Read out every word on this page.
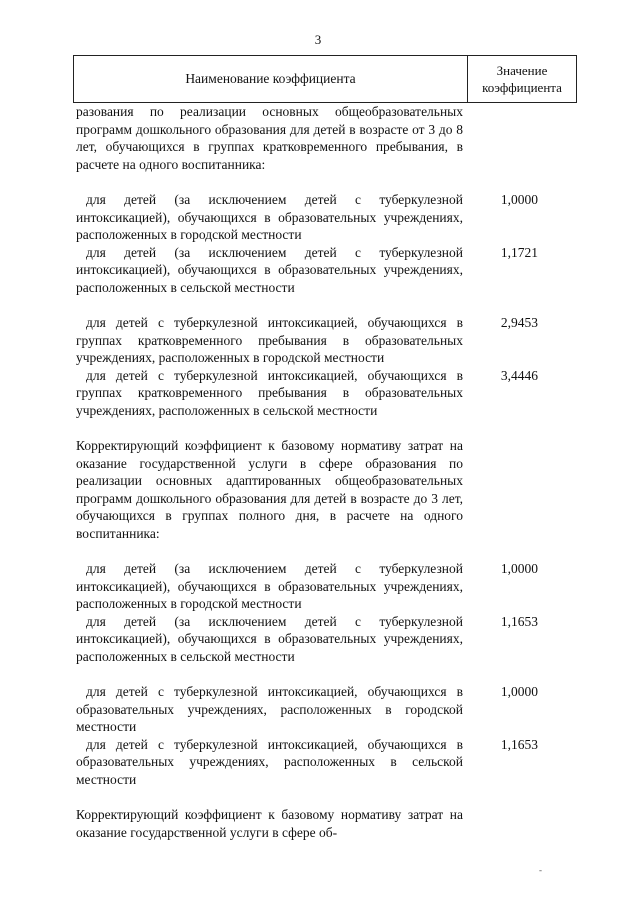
3
Наименование коэффициента
Значение
коэффициента
разования по реализации основных общеобразовательных программ дошкольного образования для детей в возрасте от 3 до 8 лет, обучающихся в группах кратковременного пребывания, в расчете на одного воспитанника:
для детей (за исключением детей с туберкулезной интоксикацией), обучающихся в образовательных учреждениях, расположенных в городской местности
1,0000
для детей (за исключением детей с туберкулезной интоксикацией), обучающихся в образовательных учреждениях, расположенных в сельской местности
1,1721
для детей с туберкулезной интоксикацией, обучающихся в группах кратковременного пребывания в образовательных учреждениях, расположенных в городской местности
2,9453
для детей с туберкулезной интоксикацией, обучающихся в группах кратковременного пребывания в образовательных учреждениях, расположенных в сельской местности
3,4446
Корректирующий коэффициент к базовому нормативу затрат на оказание государственной услуги в сфере образования по реализации основных адаптированных общеобразовательных программ дошкольного образования для детей в возрасте до 3 лет, обучающихся в группах полного дня, в расчете на одного воспитанника:
для детей (за исключением детей с туберкулезной интоксикацией), обучающихся в образовательных учреждениях, расположенных в городской местности
1,0000
для детей (за исключением детей с туберкулезной интоксикацией), обучающихся в образовательных учреждениях, расположенных в сельской местности
1,1653
для детей с туберкулезной интоксикацией, обучающихся в образовательных учреждениях, расположенных в городской местности
1,0000
для детей с туберкулезной интоксикацией, обучающихся в образовательных учреждениях, расположенных в сельской местности
1,1653
Корректирующий коэффициент к базовому нормативу затрат на оказание государственной услуги в сфере об-
-
